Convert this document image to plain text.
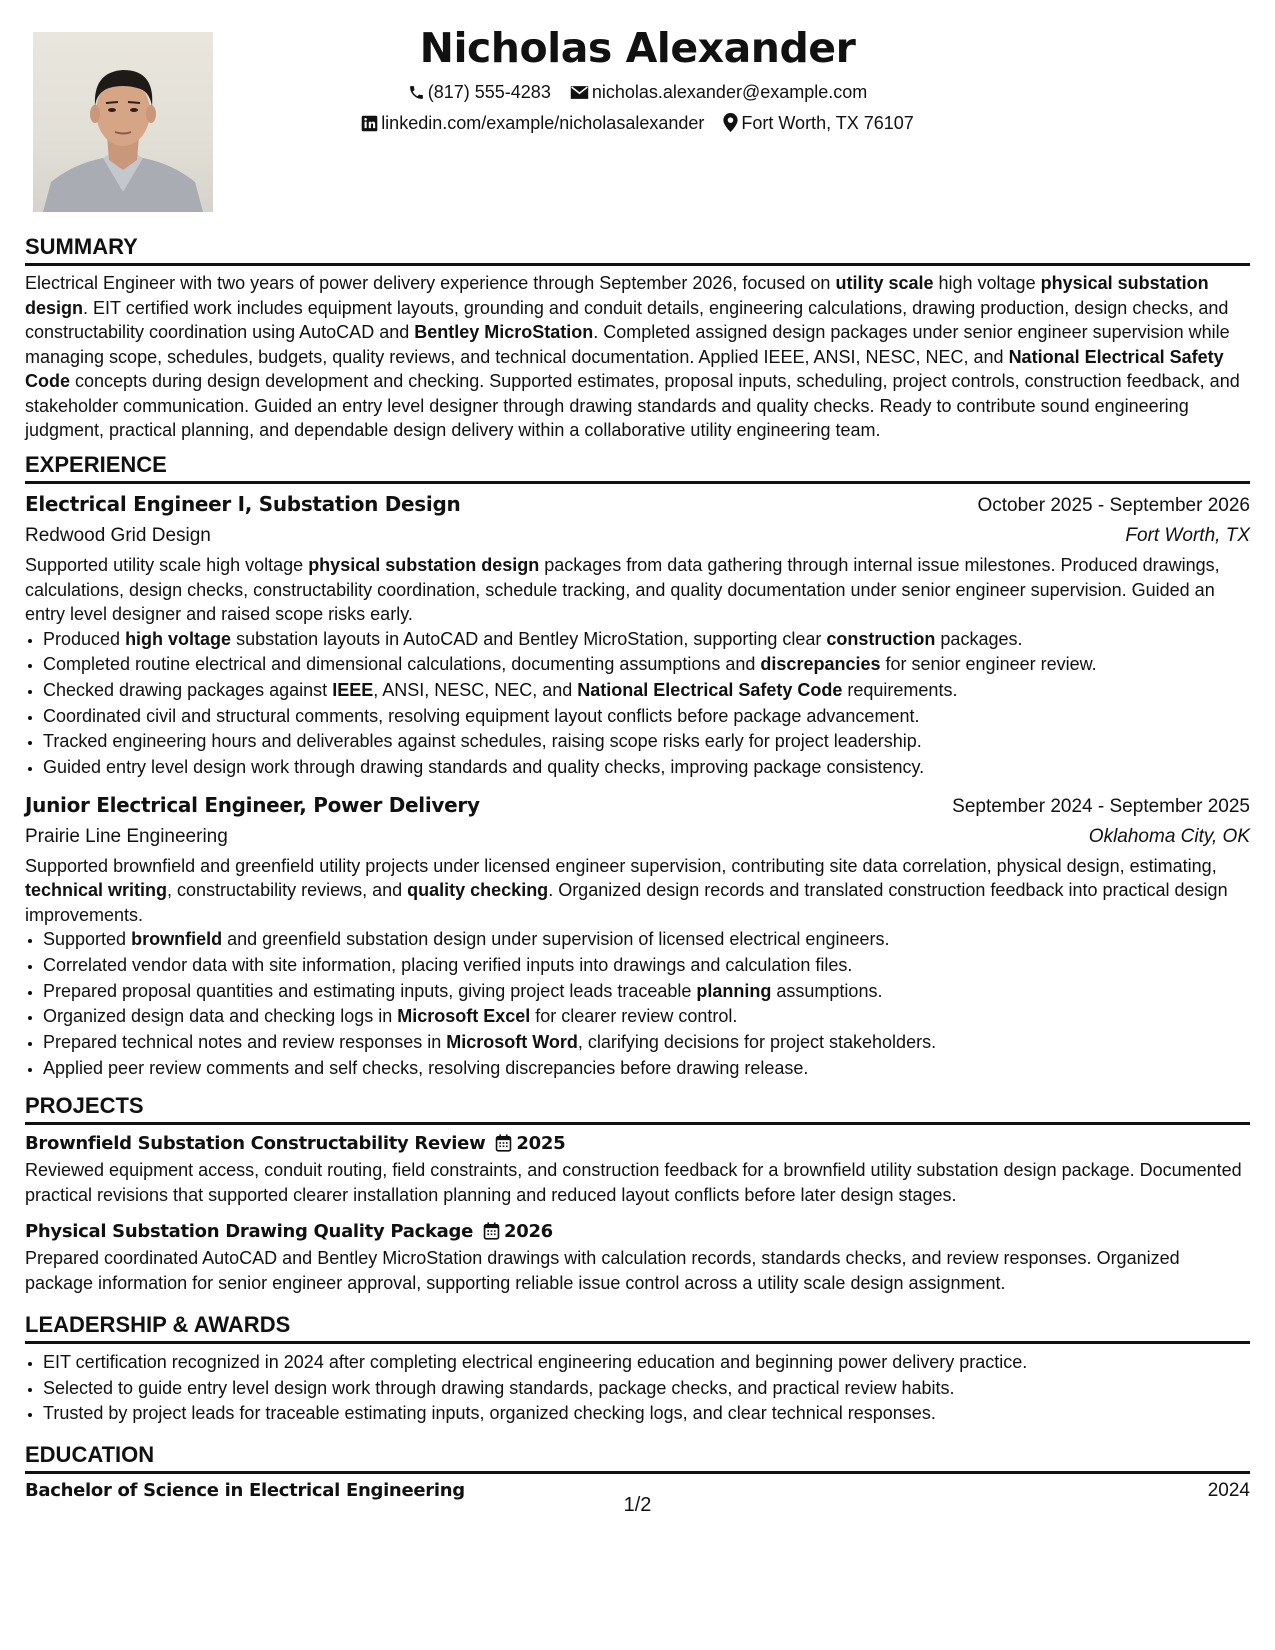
Nicholas Alexander
(817) 555-4283 nicholas.alexander@example.com
linkedin.com/example/nicholasalexander Fort Worth, TX 76107
SUMMARY

Electrical Engineer with two years of power delivery experience through September 2026, focused on utility scale high voltage physical substation design. EIT certified work includes equipment layouts, grounding and conduit details, engineering calculations, drawing production, design checks, and constructability coordination using AutoCAD and Bentley MicroStation. Completed assigned design packages under senior engineer supervision while managing scope, schedules, budgets, quality reviews, and technical documentation. Applied IEEE, ANSI, NESC, NEC, and National Electrical Safety Code concepts during design development and checking. Supported estimates, proposal inputs, scheduling, project controls, construction feedback, and stakeholder communication. Guided an entry level designer through drawing standards and quality checks. Ready to contribute sound engineering judgment, practical planning, and dependable design delivery within a collaborative utility engineering team.

EXPERIENCE
Electrical Engineer I, Substation Design	October 2025 - September 2026
Redwood Grid Design	Fort Worth, TX

Supported utility scale high voltage physical substation design packages from data gathering through internal issue milestones. Produced drawings, calculations, design checks, constructability coordination, schedule tracking, and quality documentation under senior engineer supervision. Guided an entry level designer and raised scope risks early.

• Produced high voltage substation layouts in AutoCAD and Bentley MicroStation, supporting clear construction packages.
• Completed routine electrical and dimensional calculations, documenting assumptions and discrepancies for senior engineer review.
• Checked drawing packages against IEEE, ANSI, NESC, NEC, and National Electrical Safety Code requirements.
• Coordinated civil and structural comments, resolving equipment layout conflicts before package advancement.
• Tracked engineering hours and deliverables against schedules, raising scope risks early for project leadership.
• Guided entry level design work through drawing standards and quality checks, improving package consistency.
Junior Electrical Engineer, Power Delivery	September 2024 - September 2025
Prairie Line Engineering	Oklahoma City, OK

Supported brownfield and greenfield utility projects under licensed engineer supervision, contributing site data correlation, physical design, estimating, technical writing, constructability reviews, and quality checking. Organized design records and translated construction feedback into practical design improvements.

• Supported brownfield and greenfield substation design under supervision of licensed electrical engineers.
• Correlated vendor data with site information, placing verified inputs into drawings and calculation files.
• Prepared proposal quantities and estimating inputs, giving project leads traceable planning assumptions.
• Organized design data and checking logs in Microsoft Excel for clearer review control.
• Prepared technical notes and review responses in Microsoft Word, clarifying decisions for project stakeholders.
• Applied peer review comments and self checks, resolving discrepancies before drawing release.
PROJECTS
Brownfield Substation Constructability Review 2025

Reviewed equipment access, conduit routing, field constraints, and construction feedback for a brownfield utility substation design package. Documented practical revisions that supported clearer installation planning and reduced layout conflicts before later design stages.

Physical Substation Drawing Quality Package 2026

Prepared coordinated AutoCAD and Bentley MicroStation drawings with calculation records, standards checks, and review responses. Organized package information for senior engineer approval, supporting reliable issue control across a utility scale design assignment.

LEADERSHIP & AWARDS
• EIT certification recognized in 2024 after completing electrical engineering education and beginning power delivery practice.
• Selected to guide entry level design work through drawing standards, package checks, and practical review habits.
• Trusted by project leads for traceable estimating inputs, organized checking logs, and clear technical responses.
EDUCATION
Bachelor of Science in Electrical Engineering	2024
1/2
